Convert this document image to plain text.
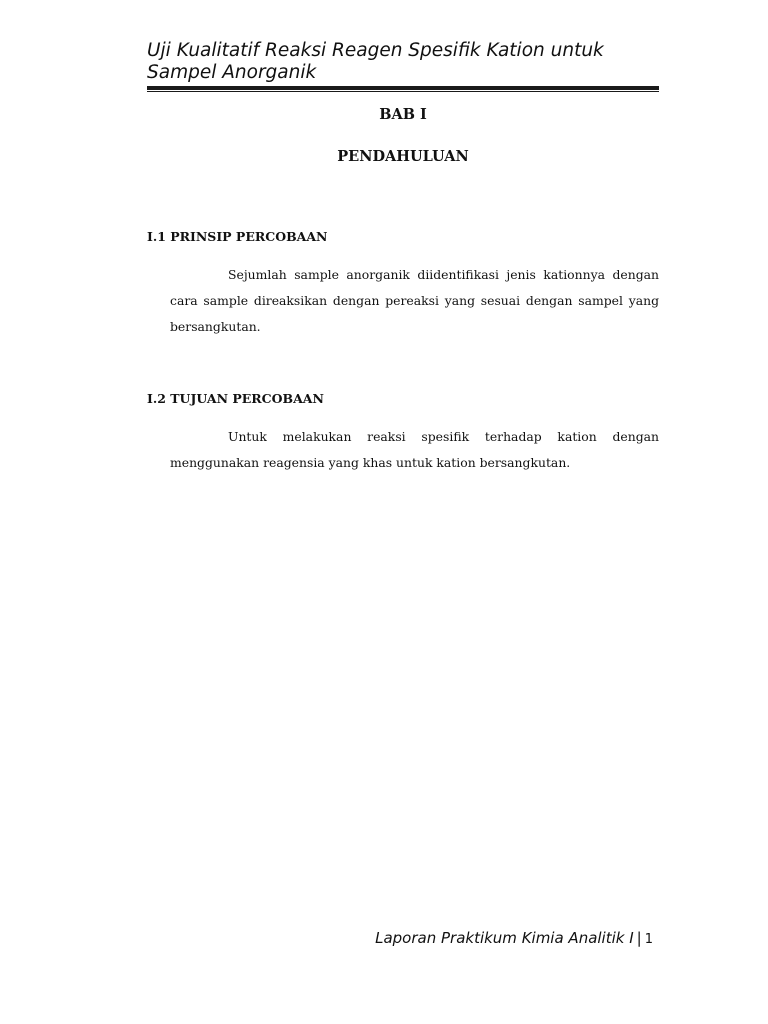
Uji Kualitatif Reaksi Reagen Spesifik Kation untuk Sampel Anorganik
BAB I
PENDAHULUAN
I.1 PRINSIP PERCOBAAN

Sejumlah sample anorganik diidentifikasi jenis kationnya dengan cara sample direaksikan dengan pereaksi yang sesuai dengan sampel yang bersangkutan.

I.2 TUJUAN PERCOBAAN

Untuk melakukan reaksi spesifik terhadap kation dengan menggunakan reagensia yang khas untuk kation bersangkutan.

Laporan Praktikum Kimia Analitik I | 1
